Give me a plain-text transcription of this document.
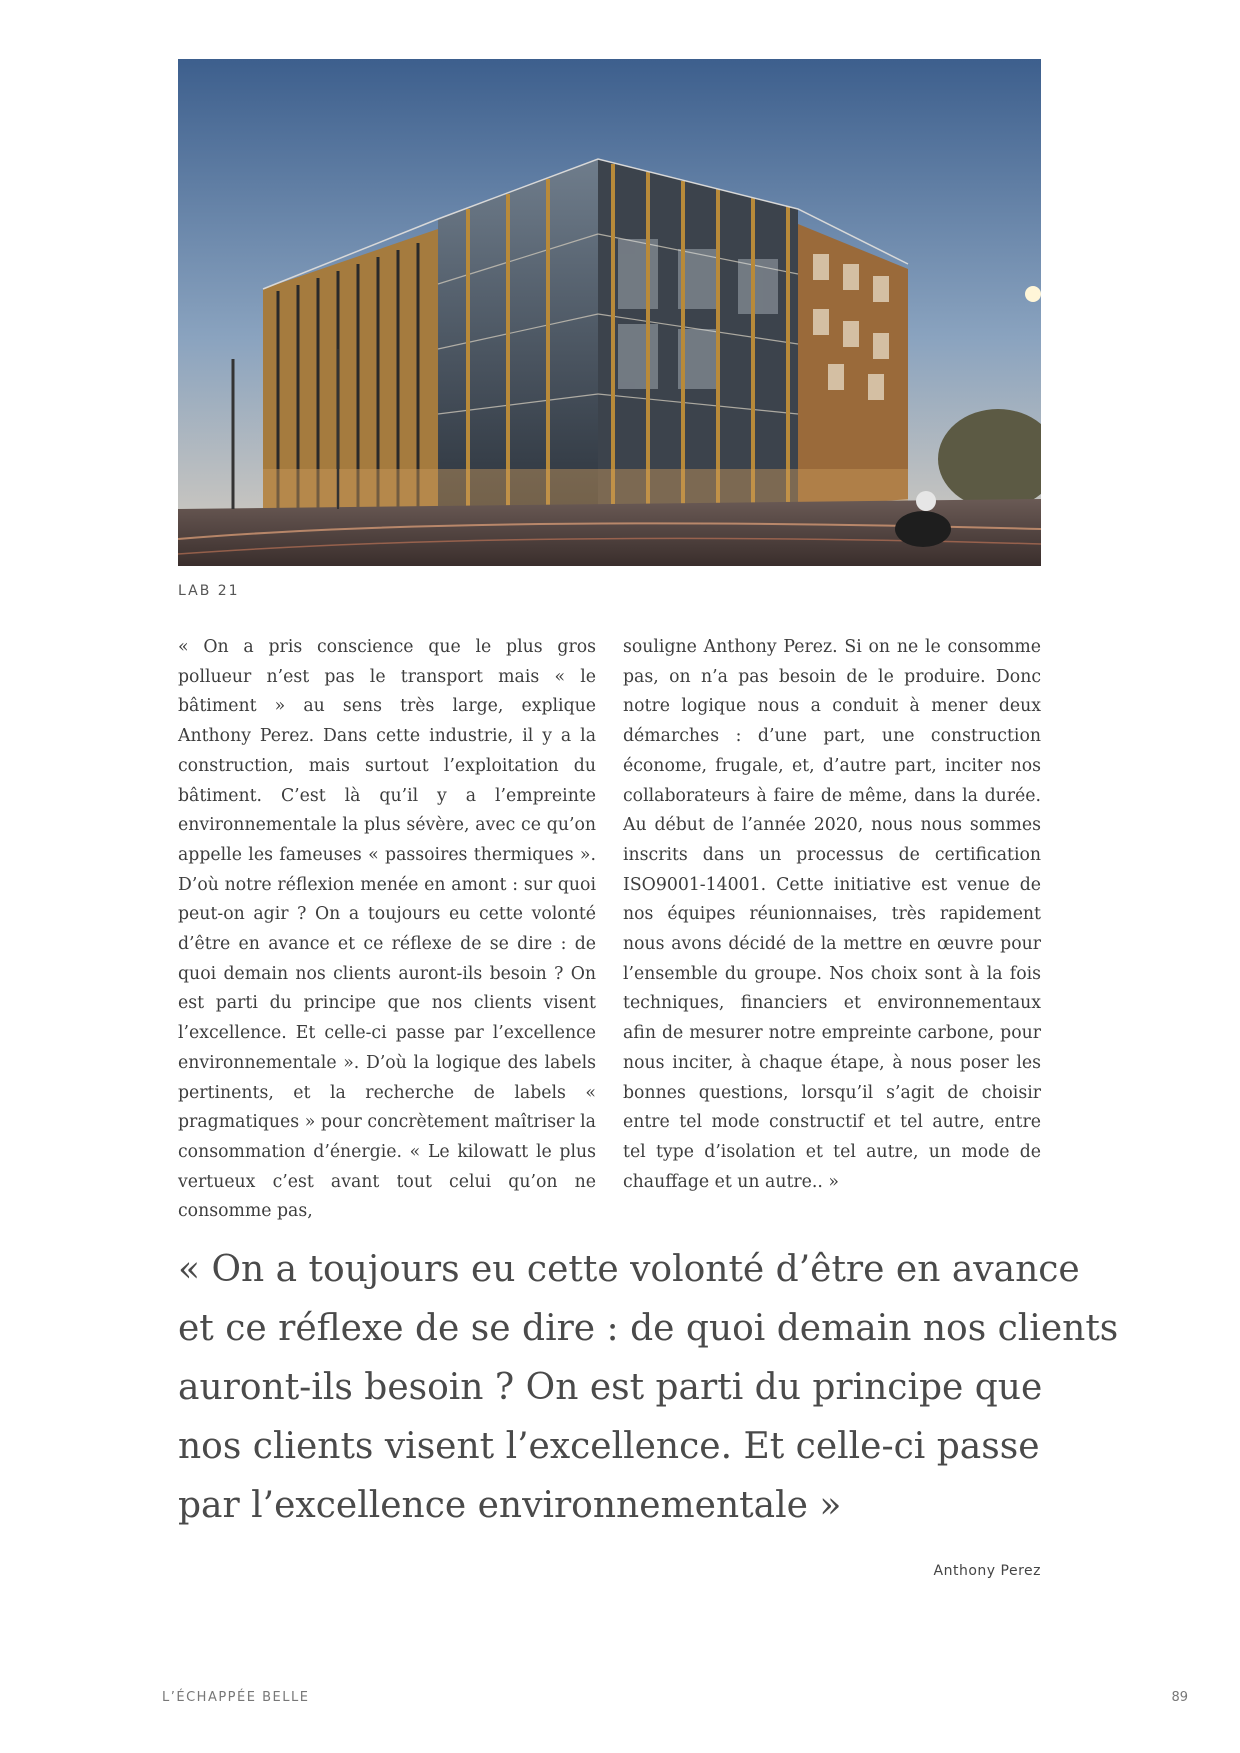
LAB 21

« On a pris conscience que le plus gros pollueur n’est pas le transport mais « le bâtiment » au sens très large, explique Anthony Perez. Dans cette industrie, il y a la construction, mais surtout l’exploitation du bâtiment. C’est là qu’il y a l’empreinte environnementale la plus sévère, avec ce qu’on appelle les fameuses « passoires thermiques ». D’où notre réflexion menée en amont : sur quoi peut-on agir ? On a toujours eu cette volonté d’être en avance et ce réflexe de se dire : de quoi demain nos clients auront-ils besoin ? On est parti du principe que nos clients visent l’excellence. Et celle-ci passe par l’excellence environnementale ». D’où la logique des labels pertinents, et la recherche de labels « pragmatiques » pour concrètement maîtriser la consommation d’énergie. « Le kilowatt le plus vertueux c’est avant tout celui qu’on ne consomme pas,

souligne Anthony Perez. Si on ne le consomme pas, on n’a pas besoin de le produire. Donc notre logique nous a conduit à mener deux démarches : d’une part, une construction économe, frugale, et, d’autre part, inciter nos collaborateurs à faire de même, dans la durée. Au début de l’année 2020, nous nous sommes inscrits dans un processus de certification ISO9001-14001. Cette initiative est venue de nos équipes réunionnaises, très rapidement nous avons décidé de la mettre en œuvre pour l’ensemble du groupe. Nos choix sont à la fois techniques, financiers et environnementaux afin de mesurer notre empreinte carbone, pour nous inciter, à chaque étape, à nous poser les bonnes questions, lorsqu’il s’agit de choisir entre tel mode constructif et tel autre, entre tel type d’isolation et tel autre, un mode de chauffage et un autre.. »

« On a toujours eu cette volonté d’être en avance
et ce réflexe de se dire : de quoi demain nos clients
auront-ils besoin ? On est parti du principe que
nos clients visent l’excellence. Et celle-ci passe
par l’excellence environnementale »
Anthony Perez
L’ÉCHAPPÉE BELLE	89
